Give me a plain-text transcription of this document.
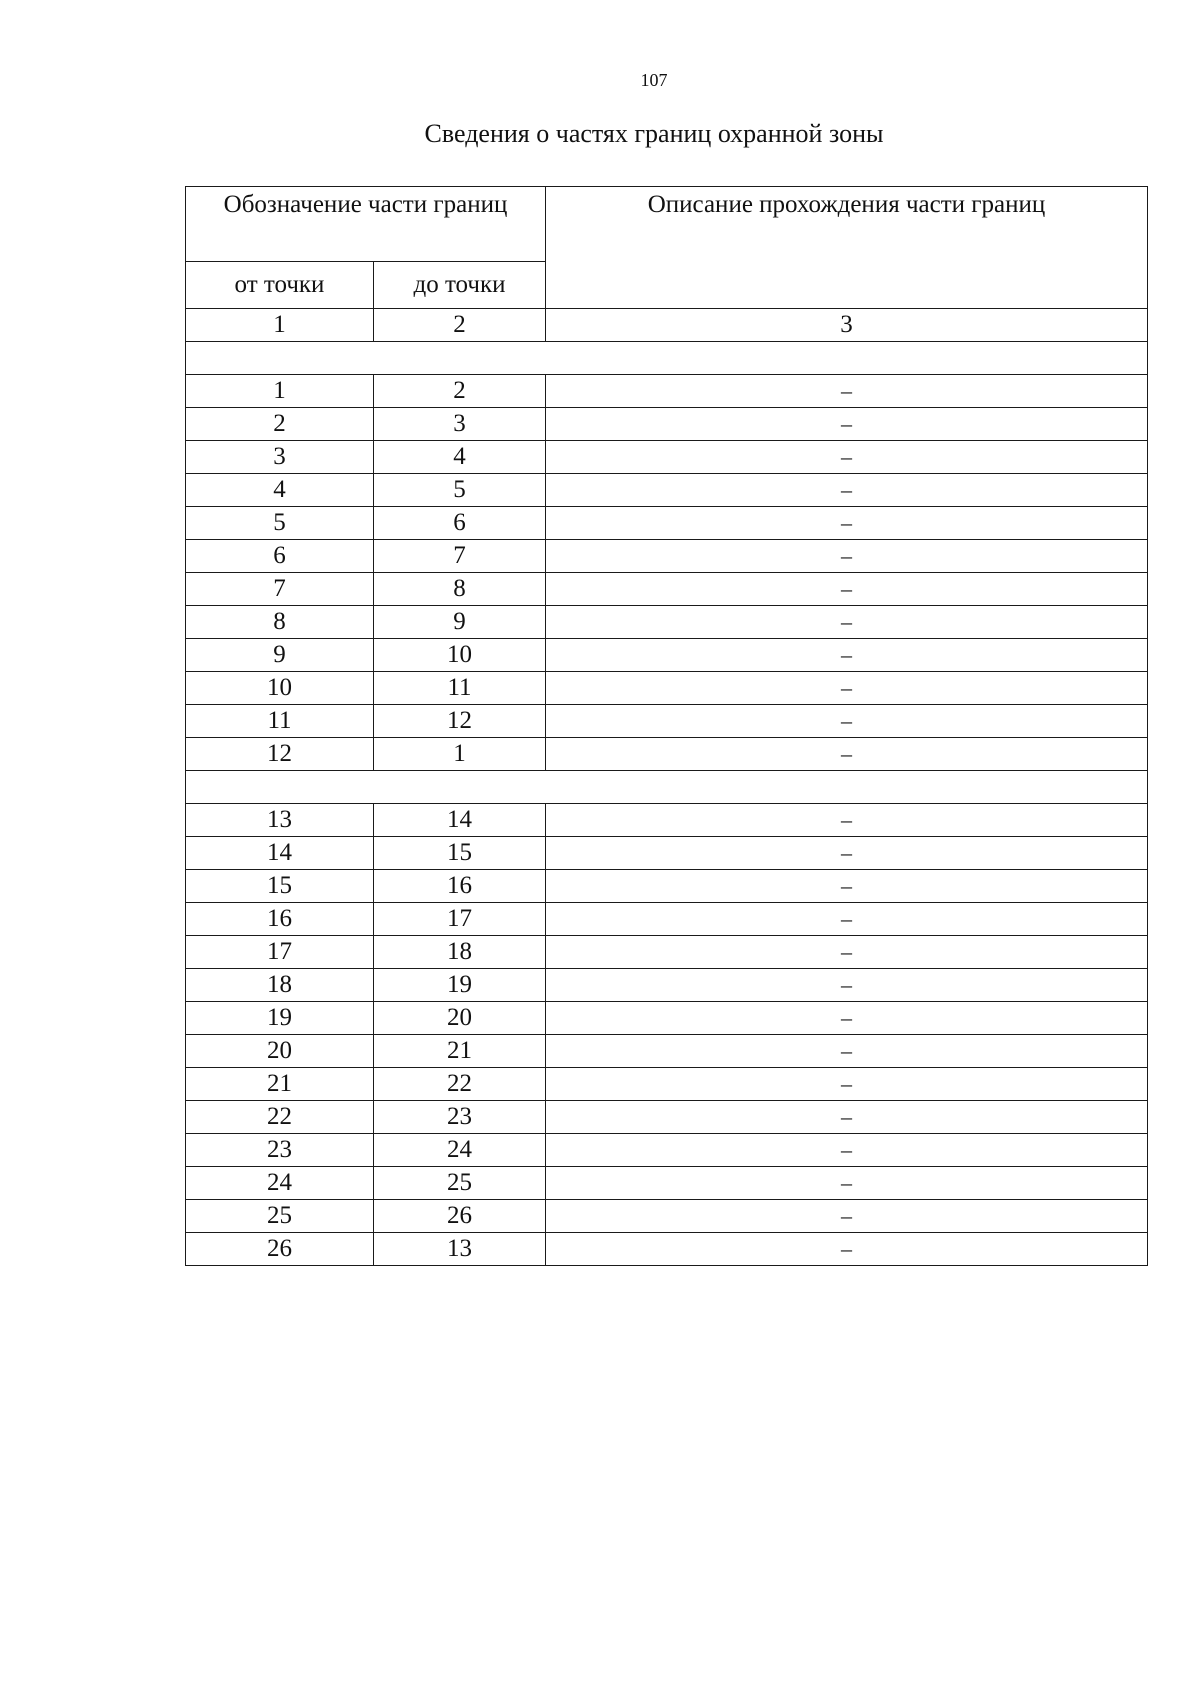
107
Сведения о частях границ охранной зоны
Обозначение части границ		Описание прохождения части границ
от точки	до точки	
1	2	3

1	2	–
2	3	–
3	4	–
4	5	–
5	6	–
6	7	–
7	8	–
8	9	–
9	10	–
10	11	–
11	12	–
12	1	–

13	14	–
14	15	–
15	16	–
16	17	–
17	18	–
18	19	–
19	20	–
20	21	–
21	22	–
22	23	–
23	24	–
24	25	–
25	26	–
26	13	–
